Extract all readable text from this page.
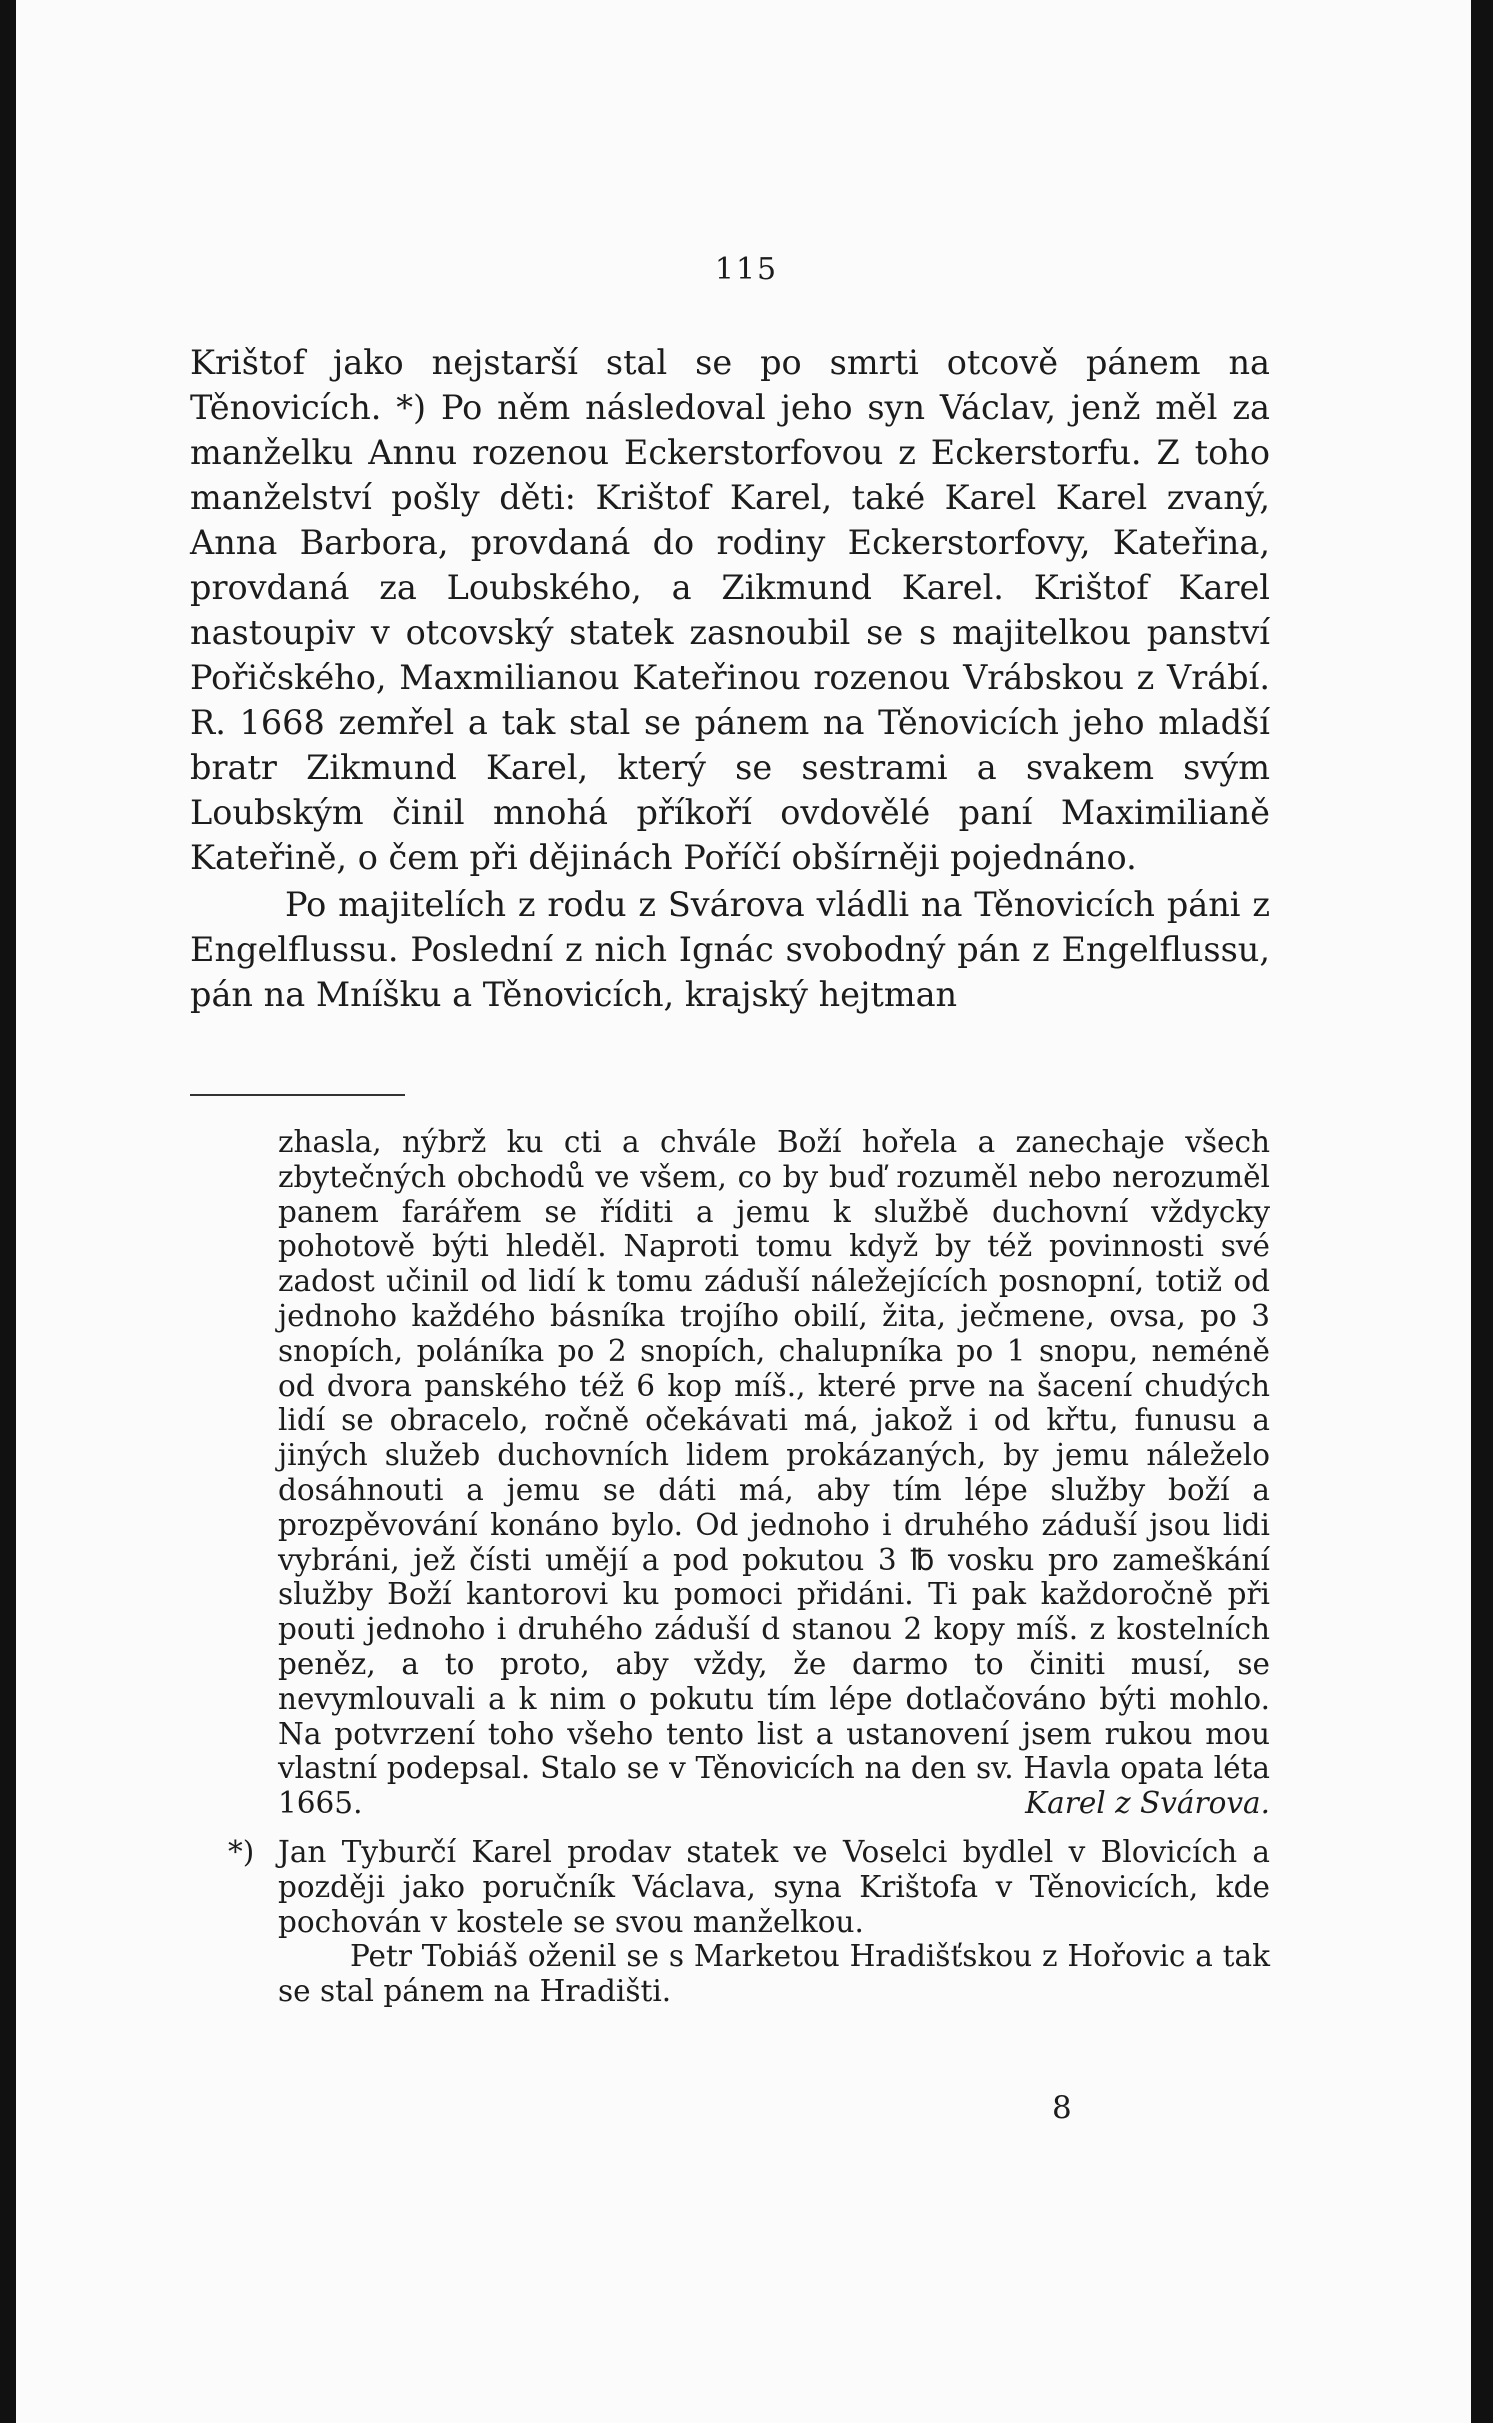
115

Krištof jako nejstarší stal se po smrti otcově pánem na Těnovicích. *) Po něm následoval jeho syn Václav, jenž měl za manželku Annu rozenou Eckerstorfovou z Eckerstorfu. Z toho manželství pošly děti: Krištof Karel, také Karel Karel zvaný, Anna Barbora, provdaná do rodiny Eckerstorfovy, Kateřina, provdaná za Loubského, a Zikmund Karel. Krištof Karel nastoupiv v otcovský statek zasnoubil se s majitelkou panství Pořičského, Maxmilianou Kateřinou rozenou Vrábskou z Vrábí. R. 1668 zemřel a tak stal se pánem na Těnovicích jeho mladší bratr Zikmund Karel, který se sestrami a svakem svým Loubským činil mnohá příkoří ovdovělé paní Maximilianě Kateřině, o čem při dějinách Poříčí obšírněji pojednáno.

Po majitelích z rodu z Svárova vládli na Těnovicích páni z Engelflussu. Poslední z nich Ignác svobodný pán z Engelflussu, pán na Mníšku a Těnovicích, krajský hejtman

zhasla, nýbrž ku cti a chvále Boží hořela a zanechaje všech zbytečných obchodů ve všem, co by buď rozuměl nebo nerozuměl panem farářem se říditi a jemu k službě duchovní vždycky pohotově býti hleděl. Naproti tomu když by též povinnosti své zadost učinil od lidí k tomu záduší náležejících posnopní, totiž od jednoho každého básníka trojího obilí, žita, ječmene, ovsa, po 3 snopích, poláníka po 2 snopích, chalupníka po 1 snopu, neméně od dvora panského též 6 kop míš., které prve na šacení chudých lidí se obracelo, ročně očekávati má, jakož i od křtu, funusu a jiných služeb duchovních lidem prokázaných, by jemu náleželo dosáhnouti a jemu se dáti má, aby tím lépe služby boží a prozpěvování konáno bylo. Od jednoho i druhého záduší jsou lidi vybráni, jež čísti umějí a pod pokutou 3 ℔ vosku pro zameškání služby Boží kantorovi ku pomoci přidáni. Ti pak každoročně při pouti jednoho i druhého záduší d stanou 2 kopy míš. z kostelních peněz, a to proto, aby vždy, že darmo to činiti musí, se nevymlouvali a k nim o pokutu tím lépe dotlačováno býti mohlo. Na potvrzení toho všeho tento list a ustanovení jsem rukou mou vlastní podepsal. Stalo se v Těnovicích na den sv. Havla opata léta 1665.	Karel z Svárova.

*) Jan Tyburčí Karel prodav statek ve Voselci bydlel v Blovicích a později jako poručník Václava, syna Krištofa v Těnovicích, kde pochován v kostele se svou manželkou.

Petr Tobiáš oženil se s Marketou Hradišťskou z Hořovic a tak se stal pánem na Hradišti.

8
